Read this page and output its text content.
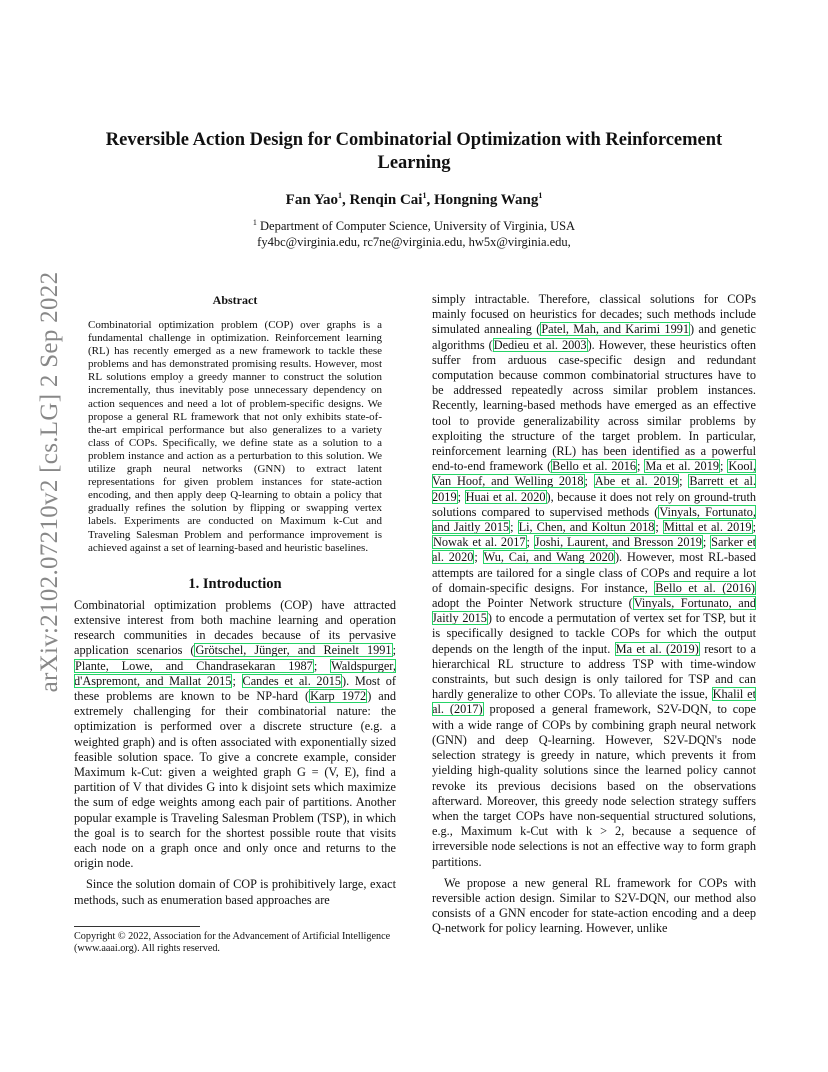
Reversible Action Design for Combinatorial Optimization with Reinforcement Learning
Fan Yao$^1$, Renqin Cai$^1$, Hongning Wang$^1$
$^1$ Department of Computer Science, University of Virginia, USA
fy4bc@virginia.edu, rc7ne@virginia.edu, hw5x@virginia.edu,
arXiv:2102.07210v2 [cs.LG] 2 Sep 2022	Abstract
Combinatorial optimization problem (COP) over graphs is a fundamental challenge in optimization. Reinforcement learning (RL) has recently emerged as a new framework to tackle these problems and has demonstrated promising results. However, most RL solutions employ a greedy manner to construct the solution incrementally, thus inevitably pose unnecessary dependency on action sequences and need a lot of problem-specific designs. We propose a general RL framework that not only exhibits state-of-the-art empirical performance but also generalizes to a variety class of COPs. Specifically, we define state as a solution to a problem instance and action as a perturbation to this solution. We utilize graph neural networks (GNN) to extract latent representations for given problem instances for state-action encoding, and then apply deep Q-learning to obtain a policy that gradually refines the solution by flipping or swapping vertex labels. Experiments are conducted on Maximum k-Cut and Traveling Salesman Problem and performance improvement is achieved against a set of learning-based and heuristic baselines.
1. Introduction

Combinatorial optimization problems (COP) have attracted extensive interest from both machine learning and operation research communities in decades because of its pervasive application scenarios (Grötschel, Jünger, and Reinelt 1991; Plante, Lowe, and Chandrasekaran 1987; Waldspurger, d'Aspremont, and Mallat 2015; Candes et al. 2015). Most of these problems are known to be NP-hard (Karp 1972) and extremely challenging for their combinatorial nature: the optimization is performed over a discrete structure (e.g. a weighted graph) and is often associated with exponentially sized feasible solution space. To give a concrete example, consider Maximum k-Cut: given a weighted graph G = (V, E), find a partition of V that divides G into k disjoint sets which maximize the sum of edge weights among each pair of partitions. Another popular example is Traveling Salesman Problem (TSP), in which the goal is to search for the shortest possible route that visits each node on a graph once and only once and returns to the origin node.

Since the solution domain of COP is prohibitively large, exact methods, such as enumeration based approaches are

Copyright © 2022, Association for the Advancement of Artificial Intelligence (www.aaai.org). All rights reserved.

simply intractable. Therefore, classical solutions for COPs mainly focused on heuristics for decades; such methods include simulated annealing (Patel, Mah, and Karimi 1991) and genetic algorithms (Dedieu et al. 2003). However, these heuristics often suffer from arduous case-specific design and redundant computation because common combinatorial structures have to be addressed repeatedly across similar problem instances. Recently, learning-based methods have emerged as an effective tool to provide generalizability across similar problems by exploiting the structure of the target problem. In particular, reinforcement learning (RL) has been identified as a powerful end-to-end framework (Bello et al. 2016; Ma et al. 2019; Kool, Van Hoof, and Welling 2018; Abe et al. 2019; Barrett et al. 2019; Huai et al. 2020), because it does not rely on ground-truth solutions compared to supervised methods (Vinyals, Fortunato, and Jaitly 2015; Li, Chen, and Koltun 2018; Mittal et al. 2019; Nowak et al. 2017; Joshi, Laurent, and Bresson 2019; Sarker et al. 2020; Wu, Cai, and Wang 2020). However, most RL-based attempts are tailored for a single class of COPs and require a lot of domain-specific designs. For instance, Bello et al. (2016) adopt the Pointer Network structure (Vinyals, Fortunato, and Jaitly 2015) to encode a permutation of vertex set for TSP, but it is specifically designed to tackle COPs for which the output depends on the length of the input. Ma et al. (2019) resort to a hierarchical RL structure to address TSP with time-window constraints, but such design is only tailored for TSP and can hardly generalize to other COPs. To alleviate the issue, Khalil et al. (2017) proposed a general framework, S2V-DQN, to cope with a wide range of COPs by combining graph neural network (GNN) and deep Q-learning. However, S2V-DQN's node selection strategy is greedy in nature, which prevents it from yielding high-quality solutions since the learned policy cannot revoke its previous decisions based on the observations afterward. Moreover, this greedy node selection strategy suffers when the target COPs have non-sequential structured solutions, e.g., Maximum k-Cut with k > 2, because a sequence of irreversible node selections is not an effective way to form graph partitions.

We propose a new general RL framework for COPs with reversible action design. Similar to S2V-DQN, our method also consists of a GNN encoder for state-action encoding and a deep Q-network for policy learning. However, unlike
